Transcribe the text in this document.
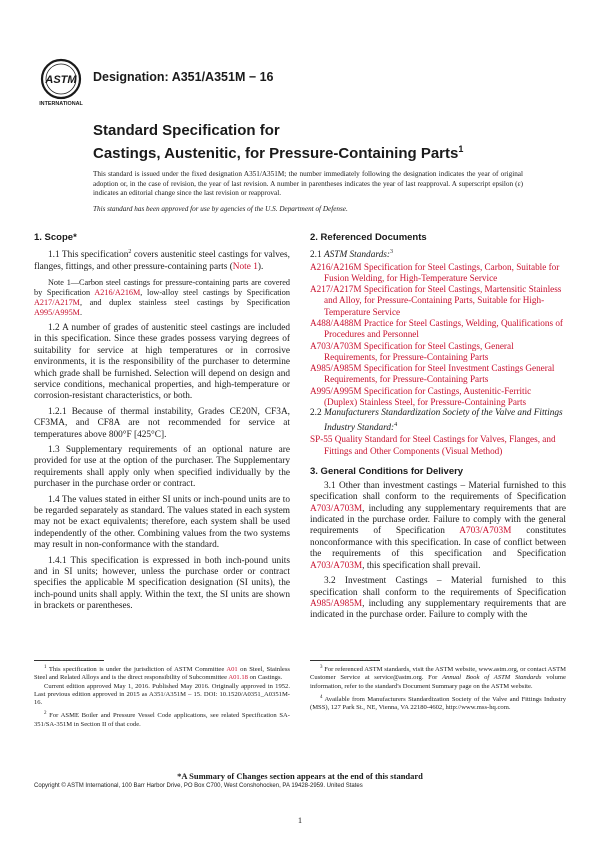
ASTM
INTERNATIONAL
Designation: A351/A351M − 16
Standard Specification for
Castings, Austenitic, for Pressure-Containing Parts$^1$
This standard is issued under the fixed designation A351/A351M; the number immediately following the designation indicates the year of original adoption or, in the case of revision, the year of last revision. A number in parentheses indicates the year of last reapproval. A superscript epsilon (ε) indicates an editorial change since the last revision or reapproval.
This standard has been approved for use by agencies of the U.S. Department of Defense.
1. Scope*

1.1 This specification$^2$ covers austenitic steel castings for valves, flanges, fittings, and other pressure-containing parts (Note 1).

Note 1—Carbon steel castings for pressure-containing parts are covered by Specification A216/A216M, low-alloy steel castings by Specification A217/A217M, and duplex stainless steel castings by Specification A995/A995M.

1.2 A number of grades of austenitic steel castings are included in this specification. Since these grades possess varying degrees of suitability for service at high temperatures or in corrosive environments, it is the responsibility of the purchaser to determine which grade shall be furnished. Selection will depend on design and service conditions, mechanical properties, and high-temperature or corrosion-resistant characteristics, or both.

1.2.1 Because of thermal instability, Grades CE20N, CF3A, CF3MA, and CF8A are not recommended for service at temperatures above 800°F [425°C].

1.3 Supplementary requirements of an optional nature are provided for use at the option of the purchaser. The Supplementary requirements shall apply only when specified individually by the purchaser in the purchase order or contract.

1.4 The values stated in either SI units or inch-pound units are to be regarded separately as standard. The values stated in each system may not be exact equivalents; therefore, each system shall be used independently of the other. Combining values from the two systems may result in non-conformance with the standard.

1.4.1 This specification is expressed in both inch-pound units and in SI units; however, unless the purchase order or contract specifies the applicable M specification designation (SI units), the inch-pound units shall apply. Within the text, the SI units are shown in brackets or parentheses.

2. Referenced Documents

2.1 ASTM Standards:$^3$

A216/A216M Specification for Steel Castings, Carbon, Suitable for Fusion Welding, for High-Temperature Service

A217/A217M Specification for Steel Castings, Martensitic Stainless and Alloy, for Pressure-Containing Parts, Suitable for High-Temperature Service

A488/A488M Practice for Steel Castings, Welding, Qualifications of Procedures and Personnel

A703/A703M Specification for Steel Castings, General Requirements, for Pressure-Containing Parts

A985/A985M Specification for Steel Investment Castings General Requirements, for Pressure-Containing Parts

A995/A995M Specification for Castings, Austenitic-Ferritic (Duplex) Stainless Steel, for Pressure-Containing Parts

2.2 Manufacturers Standardization Society of the Valve and Fittings Industry Standard:$^4$

SP-55 Quality Standard for Steel Castings for Valves, Flanges, and Fittings and Other Components (Visual Method)

3. General Conditions for Delivery

3.1 Other than investment castings – Material furnished to this specification shall conform to the requirements of Specification A703/A703M, including any supplementary requirements that are indicated in the purchase order. Failure to comply with the general requirements of Specification A703/A703M constitutes nonconformance with this specification. In case of conflict between the requirements of this specification and Specification A703/A703M, this specification shall prevail.

3.2 Investment Castings – Material furnished to this specification shall conform to the requirements of Specification A985/A985M, including any supplementary requirements that are indicated in the purchase order. Failure to comply with the

$^1$ This specification is under the jurisdiction of ASTM Committee A01 on Steel, Stainless Steel and Related Alloys and is the direct responsibility of Subcommittee A01.18 on Castings.

Current edition approved May 1, 2016. Published May 2016. Originally approved in 1952. Last previous edition approved in 2015 as A351/A351M – 15. DOI: 10.1520/A0351_A0351M-16.

$^2$ For ASME Boiler and Pressure Vessel Code applications, see related Specification SA-351/SA-351M in Section II of that code.

$^3$ For referenced ASTM standards, visit the ASTM website, www.astm.org, or contact ASTM Customer Service at service@astm.org. For Annual Book of ASTM Standards volume information, refer to the standard's Document Summary page on the ASTM website.

$^4$ Available from Manufacturers Standardization Society of the Valve and Fittings Industry (MSS), 127 Park St., NE, Vienna, VA 22180-4602, http://www.mss-hq.com.

*A Summary of Changes section appears at the end of this standard
Copyright © ASTM International, 100 Barr Harbor Drive, PO Box C700, West Conshohocken, PA 19428-2959. United States
1
